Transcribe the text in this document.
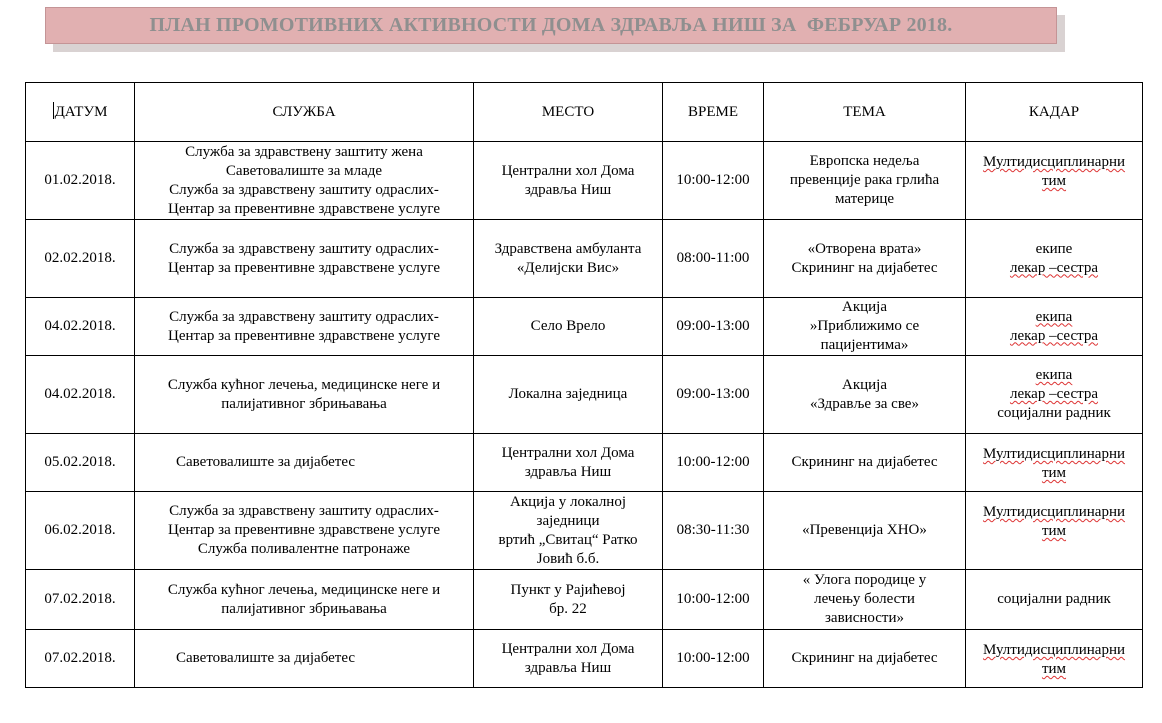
ПЛАН ПРОМОТИВНИХ АКТИВНОСТИ ДОМА ЗДРАВЉА НИШ ЗА  ФЕБРУАР 2018.
ДАТУМ	СЛУЖБА	МЕСТО	ВРЕМЕ	ТЕМА	КАДАР
01.02.2018.	Служба за здравствену заштиту жена
Саветовалиште за младе
Служба за здравствену заштиту одраслих-
Центар за превентивне здравствене услуге	Централни хол Дома
здравља Ниш	10:00-12:00	Европска недеља
превенције рака грлића
материце	Мултидисциплинарни
тим

02.02.2018.	Служба за здравствену заштиту одраслих-
Центар за превентивне здравствене услуге	Здравствена амбуланта
«Делијски Вис»	08:00-11:00	«Отворена врата»
Скрининг на дијабетес	екипе
лекар –сестра

04.02.2018.	Служба за здравствену заштиту одраслих-
Центар за превентивне здравствене услуге	Село Врело	09:00-13:00	Акција
»Приближимо се
пацијентима»	екипа
лекар –сестра

04.02.2018.	Служба кућног лечења, медицинске неге и
палијативног збрињавања	Локална заједница	09:00-13:00	Акција
«Здравље за све»	екипа
лекар –сестра
социјални радник

05.02.2018.	Саветовалиште за дијабетес	Централни хол Дома
здравља Ниш	10:00-12:00	Скрининг на дијабетес	Мултидисциплинарни
тим

06.02.2018.	Служба за здравствену заштиту одраслих-
Центар за превентивне здравствене услуге
Служба поливалентне патронаже	Акција у локалној
заједници
вртић „Свитац“ Ратко
Јовић б.б.	08:30-11:30	«Превенција ХНО»	Мултидисциплинарни
тим

07.02.2018.	Служба кућног лечења, медицинске неге и
палијативног збрињавања	Пункт у Рајићевој
бр. 22	10:00-12:00	« Улога породице у
лечењу болести
зависности»	социјални радник

07.02.2018.	Саветовалиште за дијабетес	Централни хол Дома
здравља Ниш	10:00-12:00	Скрининг на дијабетес	Мултидисциплинарни
тим
